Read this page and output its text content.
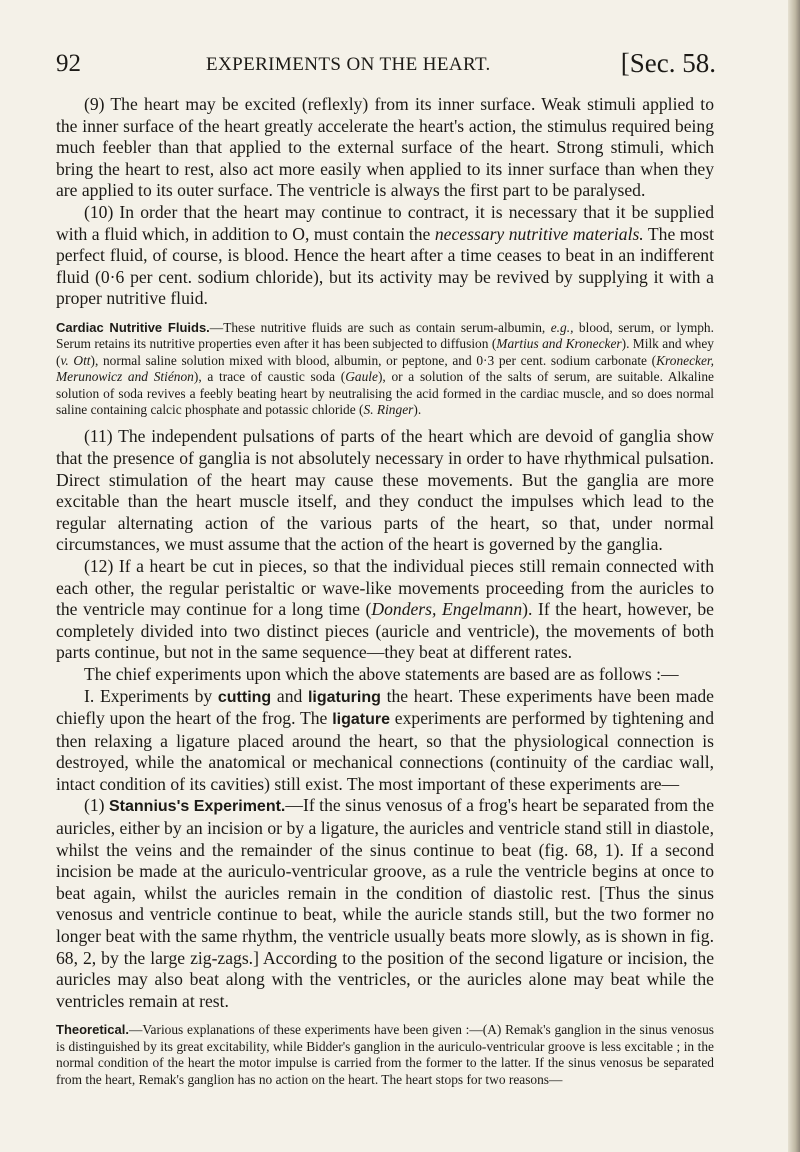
92	EXPERIMENTS ON THE HEART.	[Sec. 58.

(9) The heart may be excited (reflexly) from its inner surface. Weak stimuli applied to the inner surface of the heart greatly accelerate the heart's action, the stimulus required being much feebler than that applied to the external surface of the heart. Strong stimuli, which bring the heart to rest, also act more easily when applied to its inner surface than when they are applied to its outer surface. The ventricle is always the first part to be paralysed.

(10) In order that the heart may continue to contract, it is necessary that it be supplied with a fluid which, in addition to O, must contain the necessary nutritive materials. The most perfect fluid, of course, is blood. Hence the heart after a time ceases to beat in an indifferent fluid (0·6 per cent. sodium chloride), but its activity may be revived by supplying it with a proper nutritive fluid.

Cardiac Nutritive Fluids.—These nutritive fluids are such as contain serum-albumin, e.g., blood, serum, or lymph. Serum retains its nutritive properties even after it has been subjected to diffusion (Martius and Kronecker). Milk and whey (v. Ott), normal saline solution mixed with blood, albumin, or peptone, and 0·3 per cent. sodium carbonate (Kronecker, Merunowicz and Stiénon), a trace of caustic soda (Gaule), or a solution of the salts of serum, are suitable. Alkaline solution of soda revives a feebly beating heart by neutralising the acid formed in the cardiac muscle, and so does normal saline containing calcic phosphate and potassic chloride (S. Ringer).

(11) The independent pulsations of parts of the heart which are devoid of ganglia show that the presence of ganglia is not absolutely necessary in order to have rhythmical pulsation. Direct stimulation of the heart may cause these movements. But the ganglia are more excitable than the heart muscle itself, and they conduct the impulses which lead to the regular alternating action of the various parts of the heart, so that, under normal circumstances, we must assume that the action of the heart is governed by the ganglia.

(12) If a heart be cut in pieces, so that the individual pieces still remain connected with each other, the regular peristaltic or wave-like movements proceeding from the auricles to the ventricle may continue for a long time (Donders, Engelmann). If the heart, however, be completely divided into two distinct pieces (auricle and ventricle), the movements of both parts continue, but not in the same sequence—they beat at different rates.

The chief experiments upon which the above statements are based are as follows :—

I. Experiments by cutting and ligaturing the heart. These experiments have been made chiefly upon the heart of the frog. The ligature experiments are performed by tightening and then relaxing a ligature placed around the heart, so that the physiological connection is destroyed, while the anatomical or mechanical connections (continuity of the cardiac wall, intact condition of its cavities) still exist. The most important of these experiments are—

(1) Stannius's Experiment.—If the sinus venosus of a frog's heart be separated from the auricles, either by an incision or by a ligature, the auricles and ventricle stand still in diastole, whilst the veins and the remainder of the sinus continue to beat (fig. 68, 1). If a second incision be made at the auriculo-ventricular groove, as a rule the ventricle begins at once to beat again, whilst the auricles remain in the condition of diastolic rest. [Thus the sinus venosus and ventricle continue to beat, while the auricle stands still, but the two former no longer beat with the same rhythm, the ventricle usually beats more slowly, as is shown in fig. 68, 2, by the large zig-zags.] According to the position of the second ligature or incision, the auricles may also beat along with the ventricles, or the auricles alone may beat while the ventricles remain at rest.

Theoretical.—Various explanations of these experiments have been given :—(A) Remak's ganglion in the sinus venosus is distinguished by its great excitability, while Bidder's ganglion in the auriculo-ventricular groove is less excitable ; in the normal condition of the heart the motor impulse is carried from the former to the latter. If the sinus venosus be separated from the heart, Remak's ganglion has no action on the heart. The heart stops for two reasons—
